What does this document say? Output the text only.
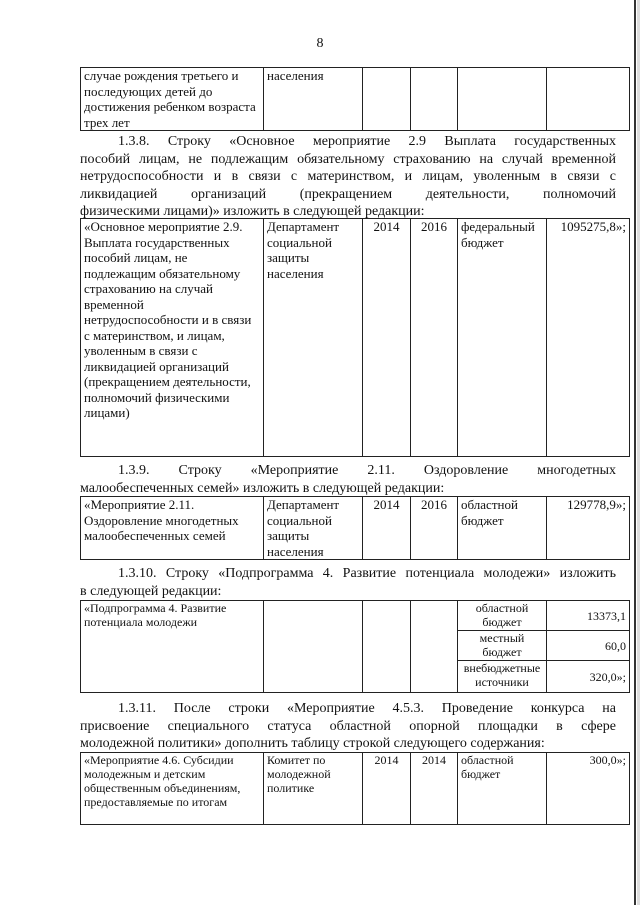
8
случае рождения третьего и последующих детей до достижения ребенком возраста трех лет	населения				
1.3.8. Строку «Основное мероприятие 2.9 Выплата государственных
пособий лицам, не подлежащим обязательному страхованию на случай временной
нетрудоспособности и в связи с материнством, и лицам, уволенным в связи с
ликвидацией организаций (прекращением деятельности, полномочий
физическими лицами)» изложить в следующей редакции:
«Основное мероприятие 2.9. Выплата государственных пособий лицам, не подлежащим обязательному страхованию на случай временной нетрудоспособности и в связи с материнством, и лицам, уволенным в связи с ликвидацией организаций (прекращением деятельности, полномочий физическими лицами)	Департамент социальной защиты населения	2014	2016	федеральный бюджет	1095275,8»;
1.3.9. Строку «Мероприятие 2.11. Оздоровление многодетных
малообеспеченных семей» изложить в следующей редакции:
«Мероприятие 2.11. Оздоровление многодетных малообеспеченных семей	Департамент социальной защиты населения	2014	2016	областной бюджет	129778,9»;
1.3.10. Строку «Подпрограмма 4. Развитие потенциала молодежи» изложить
в следующей редакции:
«Подпрограмма 4. Развитие потенциала молодежи				областной бюджет	13373,1
				местный бюджет	60,0
				внебюджетные источники	320,0»;
1.3.11. После строки «Мероприятие 4.5.3. Проведение конкурса на
присвоение специального статуса областной опорной площадки в сфере
молодежной политики» дополнить таблицу строкой следующего содержания:
«Мероприятие 4.6. Субсидии молодежным и детским общественным объединениям, предоставляемые по итогам	Комитет по молодежной политике	2014	2014	областной бюджет	300,0»;
